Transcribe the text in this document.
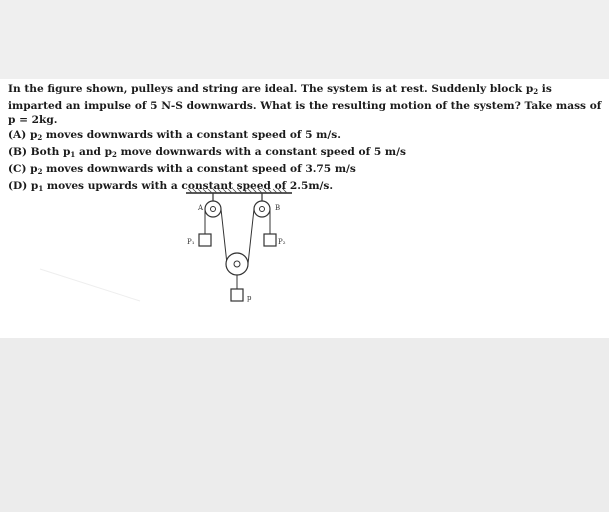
In the figure shown, pulleys and string are ideal. The system is at rest. Suddenly block $p_2$ is imparted an impulse of 5 N-S downwards. What is the resulting motion of the system? Take mass of p = 2kg.

(A) $p_2$ moves downwards with a constant speed of 5 m/s.
(B) Both $p_1$ and $p_2$ move downwards with a constant speed of 5 m/s
(C) $p_2$ moves downwards with a constant speed of 3.75 m/s
(D) $p_1$ moves upwards with a constant speed of 2.5m/s.
A	B
P₁	P₂
p
